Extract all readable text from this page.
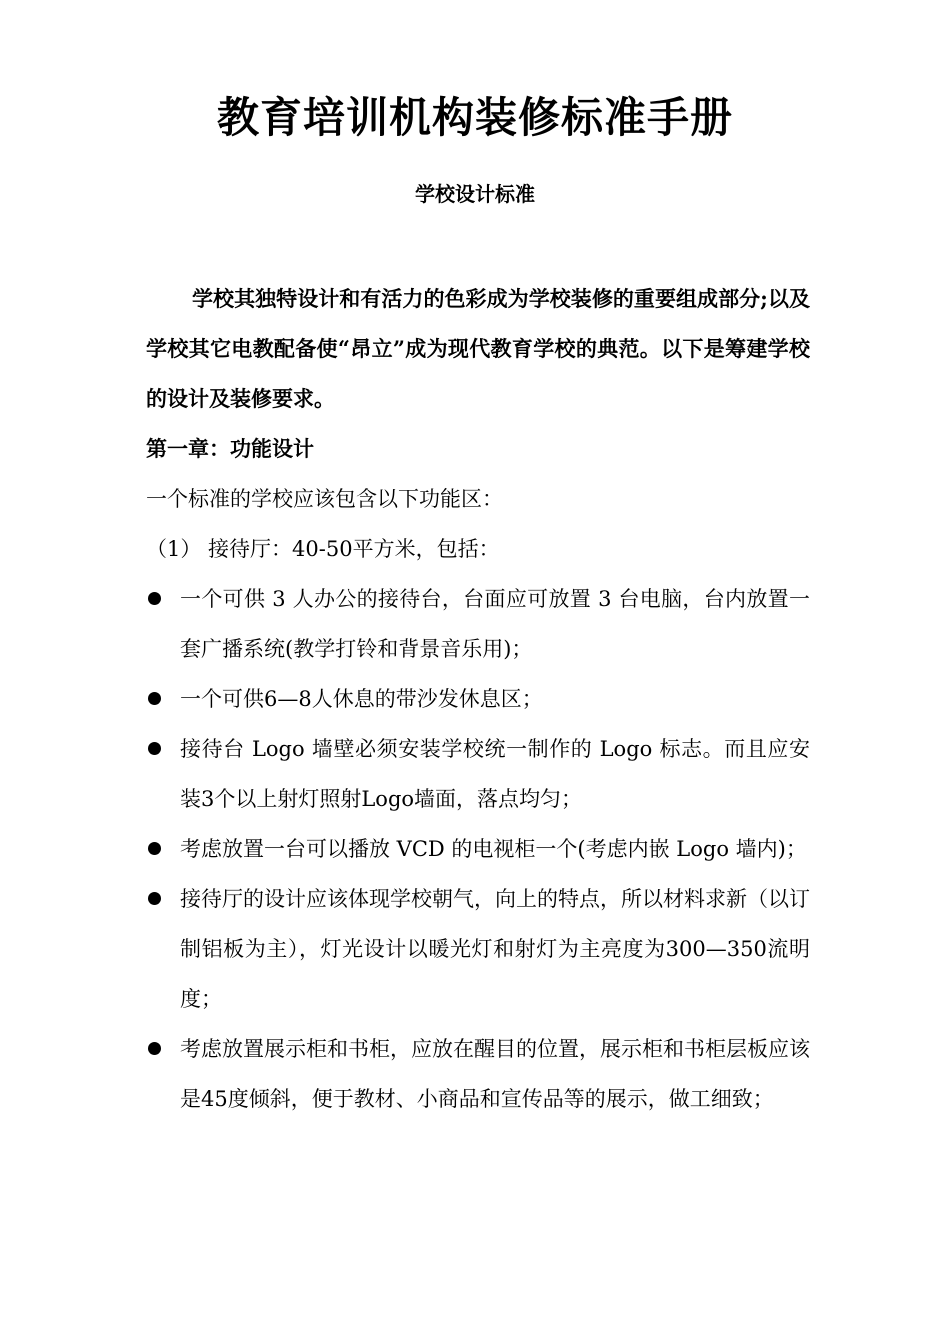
教育培训机构装修标准手册
学校设计标准

学校其独特设计和有活力的色彩成为学校装修的重要组成部分;以及学校其它电教配备使“昂立”成为现代教育学校的典范。以下是筹建学校的设计及装修要求。

第一章：功能设计

一个标准的学校应该包含以下功能区：

（1） 接待厅：40-50平方米，包括：

一个可供 3 人办公的接待台，台面应可放置 3 台电脑，台内放置一套广播系统(教学打铃和背景音乐用)；
一个可供6—8人休息的带沙发休息区；
接待台 Logo 墙壁必须安装学校统一制作的 Logo 标志。而且应安装3个以上射灯照射Logo墙面，落点均匀；
考虑放置一台可以播放 VCD 的电视柜一个(考虑内嵌 Logo 墙内)；
接待厅的设计应该体现学校朝气，向上的特点，所以材料求新（以订制铝板为主），灯光设计以暖光灯和射灯为主亮度为300—350流明度；
考虑放置展示柜和书柜，应放在醒目的位置，展示柜和书柜层板应该是45度倾斜，便于教材、小商品和宣传品等的展示，做工细致；
